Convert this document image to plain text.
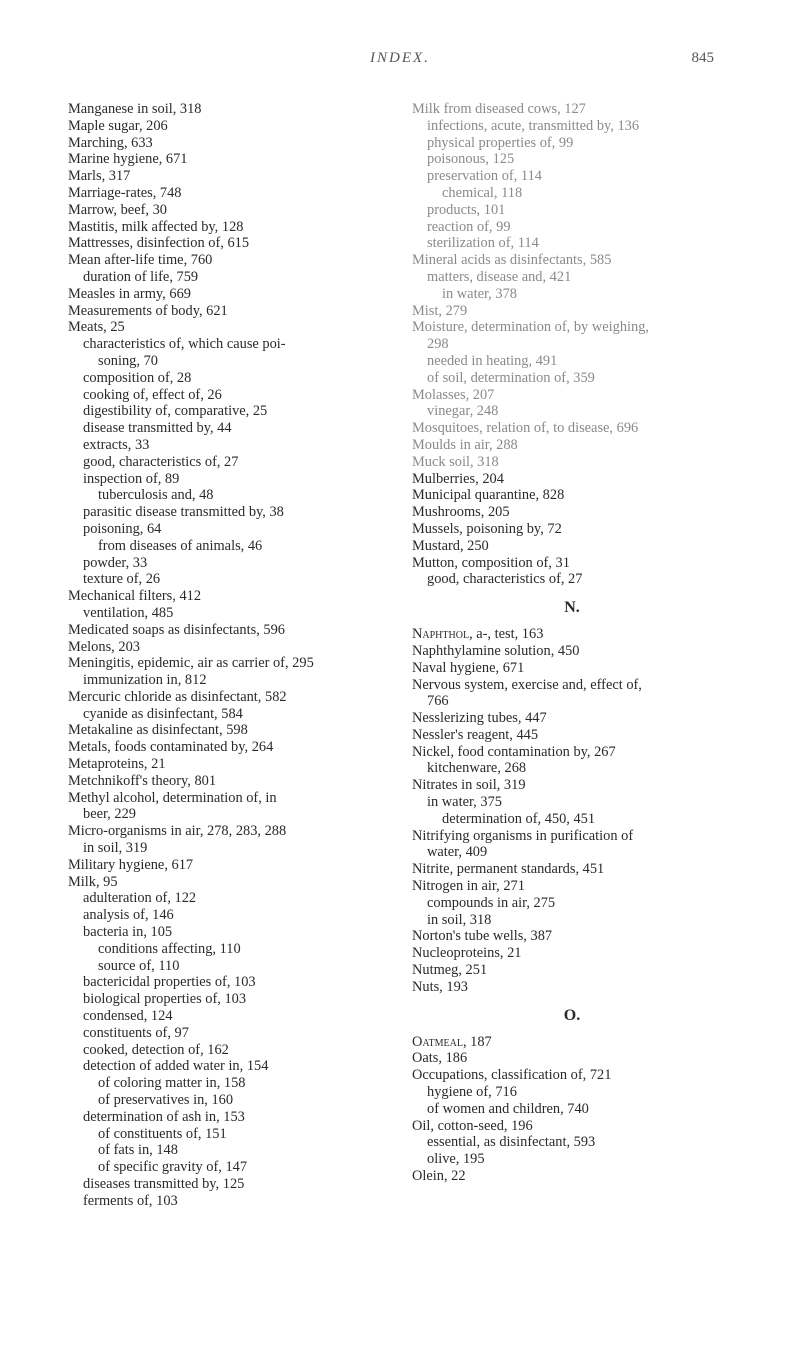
INDEX.	845
Manganese in soil, 318
Maple sugar, 206
Marching, 633
Marine hygiene, 671
Marls, 317
Marriage-rates, 748
Marrow, beef, 30
Mastitis, milk affected by, 128
Mattresses, disinfection of, 615
Mean after-life time, 760
duration of life, 759
Measles in army, 669
Measurements of body, 621
Meats, 25
characteristics of, which cause poi-
soning, 70
composition of, 28
cooking of, effect of, 26
digestibility of, comparative, 25
disease transmitted by, 44
extracts, 33
good, characteristics of, 27
inspection of, 89
tuberculosis and, 48
parasitic disease transmitted by, 38
poisoning, 64
from diseases of animals, 46
powder, 33
texture of, 26
Mechanical filters, 412
ventilation, 485
Medicated soaps as disinfectants, 596
Melons, 203
Meningitis, epidemic, air as carrier of, 295
immunization in, 812
Mercuric chloride as disinfectant, 582
cyanide as disinfectant, 584
Metakaline as disinfectant, 598
Metals, foods contaminated by, 264
Metaproteins, 21
Metchnikoff's theory, 801
Methyl alcohol, determination of, in
beer, 229
Micro-organisms in air, 278, 283, 288
in soil, 319
Military hygiene, 617
Milk, 95
adulteration of, 122
analysis of, 146
bacteria in, 105
conditions affecting, 110
source of, 110
bactericidal properties of, 103
biological properties of, 103
condensed, 124
constituents of, 97
cooked, detection of, 162
detection of added water in, 154
of coloring matter in, 158
of preservatives in, 160
determination of ash in, 153
of constituents of, 151
of fats in, 148
of specific gravity of, 147
diseases transmitted by, 125
ferments of, 103
Milk from diseased cows, 127
infections, acute, transmitted by, 136
physical properties of, 99
poisonous, 125
preservation of, 114
chemical, 118
products, 101
reaction of, 99
sterilization of, 114
Mineral acids as disinfectants, 585
matters, disease and, 421
in water, 378
Mist, 279
Moisture, determination of, by weighing,
298
needed in heating, 491
of soil, determination of, 359
Molasses, 207
vinegar, 248
Mosquitoes, relation of, to disease, 696
Moulds in air, 288
Muck soil, 318
Mulberries, 204
Municipal quarantine, 828
Mushrooms, 205
Mussels, poisoning by, 72
Mustard, 250
Mutton, composition of, 31
good, characteristics of, 27
N.
Naphthol, a-, test, 163
Naphthylamine solution, 450
Naval hygiene, 671
Nervous system, exercise and, effect of,
766
Nesslerizing tubes, 447
Nessler's reagent, 445
Nickel, food contamination by, 267
kitchenware, 268
Nitrates in soil, 319
in water, 375
determination of, 450, 451
Nitrifying organisms in purification of
water, 409
Nitrite, permanent standards, 451
Nitrogen in air, 271
compounds in air, 275
in soil, 318
Norton's tube wells, 387
Nucleoproteins, 21
Nutmeg, 251
Nuts, 193
O.
Oatmeal, 187
Oats, 186
Occupations, classification of, 721
hygiene of, 716
of women and children, 740
Oil, cotton-seed, 196
essential, as disinfectant, 593
olive, 195
Olein, 22
